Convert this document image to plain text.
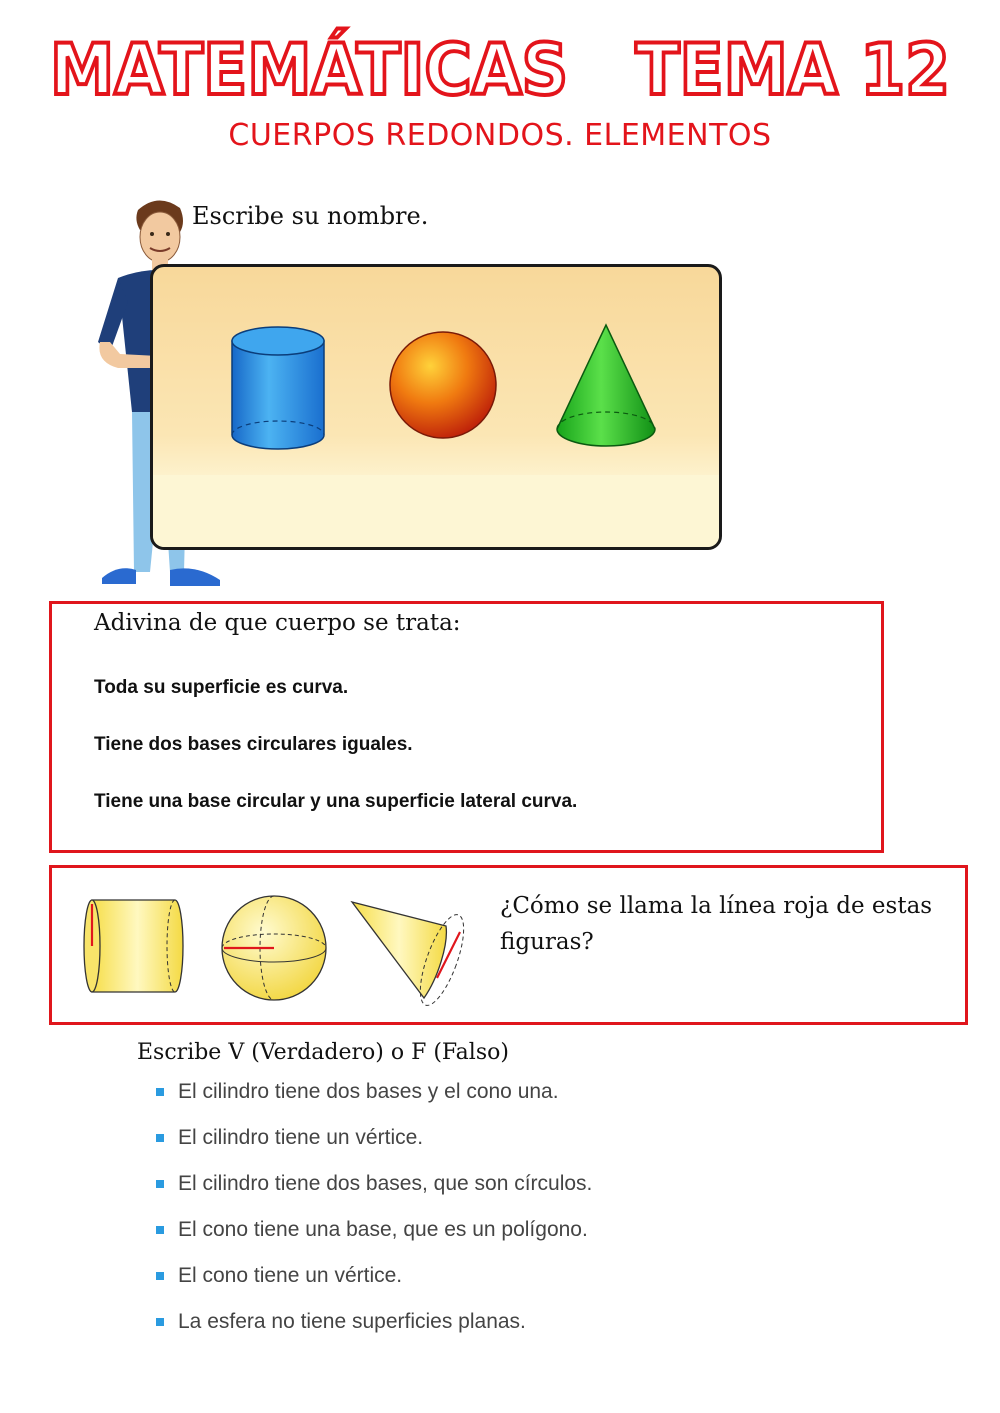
MATEMÁTICAS   TEMA 12
CUERPOS REDONDOS. ELEMENTOS
Escribe su nombre.
Adivina de que cuerpo se trata:
Toda su superficie es curva.
Tiene dos bases circulares iguales.
Tiene una base circular y una superficie lateral curva.
¿Cómo se llama la línea roja de estas figuras?
Escribe V (Verdadero) o F (Falso)
El cilindro tiene dos bases y el cono una.
El cilindro tiene un vértice.
El cilindro tiene dos bases, que son círculos.
El cono tiene una base, que es un polígono.
El cono tiene un vértice.
La esfera no tiene superficies planas.
